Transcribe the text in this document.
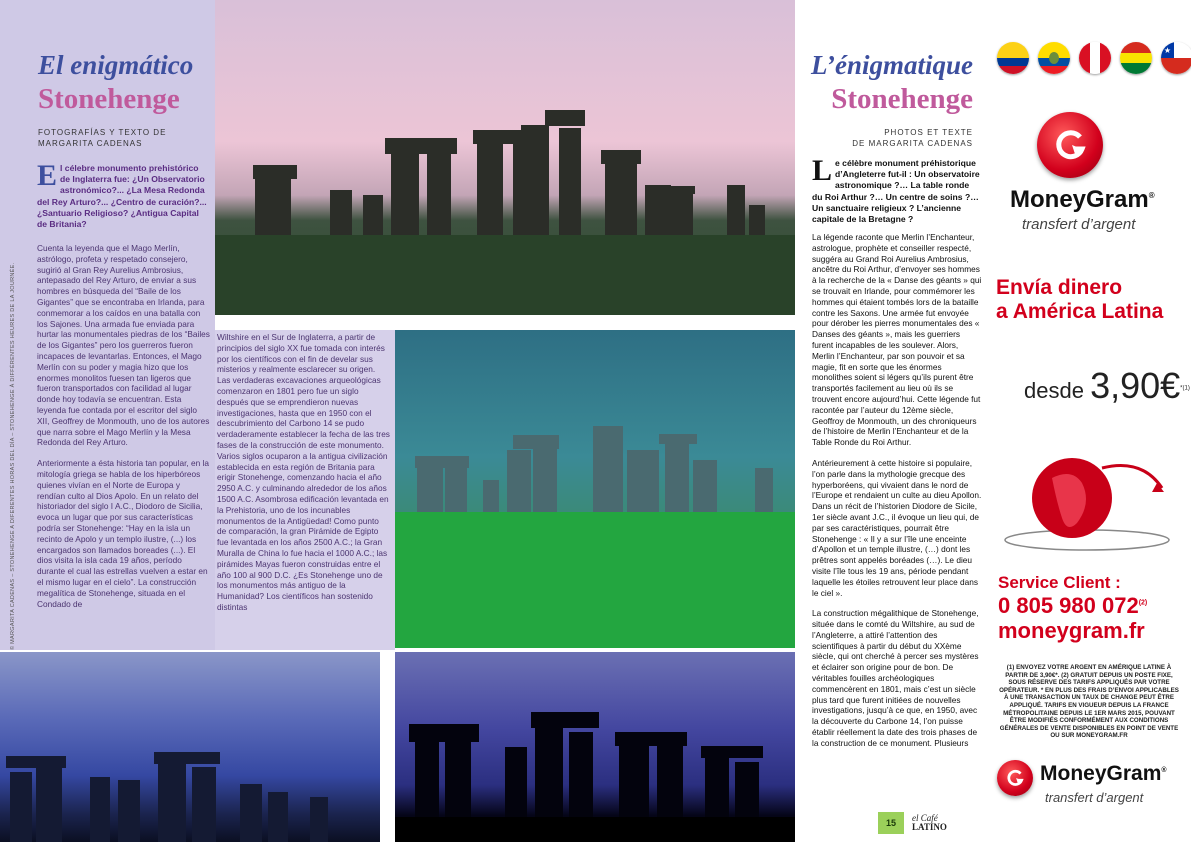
© MARGARITA CADENAS – STONEHENGE A DIFERENTES HORAS DEL DÍA – STONEHENGE À DIFFÉRENTES HEURES DE LA JOURNÉE.
El enigmático
Stonehenge
FOTOGRAFÍAS Y TEXTO DE
MARGARITA CADENAS

El célebre monumento prehistórico de Inglaterra fue: ¿Un Observatorio astronómico?... ¿La Mesa Redonda del Rey Arturo?... ¿Centro de curación?... ¿Santuario Religioso? ¿Antigua Capital de Britania?

Cuenta la leyenda que el Mago Merlín, astrólogo, profeta y respetado consejero, sugirió al Gran Rey Aurelius Ambrosius, antepasado del Rey Arturo, de enviar a sus hombres en búsqueda del “Baile de los Gigantes” que se encontraba en Irlanda, para conmemorar a los caídos en una batalla con los Sajones. Una armada fue enviada para hurtar las monumentales piedras de los “Bailes de los Gigantes” pero los guerreros fueron incapaces de levantarlas. Entonces, el Mago Merlín con su poder y magia hizo que los enormes monolitos fuesen tan ligeros que fueron transportados con facilidad al lugar donde hoy todavía se encuentran. Esta leyenda fue contada por el escritor del siglo XII, Geoffrey de Monmouth, uno de los autores que narra sobre el Mago Merlín y la Mesa Redonda del Rey Arturo.

Anteriormente a ésta historia tan popular, en la mitología griega se habla de los hiperbóreos quienes vivían en el Norte de Europa y rendían culto al Dios Apolo. En un relato del historiador del siglo I A.C., Diodoro de Sicilia, evoca un lugar que por sus características podría ser Stonehenge: “Hay en la isla un recinto de Apolo y un templo ilustre, (...) los encargados son llamados boreades (...). El dios visita la isla cada 19 años, período durante el cual las estrellas vuelven a estar en el mismo lugar en el cielo”. La construcción megalítica de Stonehenge, situada en el Condado de

Wiltshire en el Sur de Inglaterra, a partir de principios del siglo XX fue tomada con interés por los científicos con el fin de develar sus misterios y realmente esclarecer su origen. Las verdaderas excavaciones arqueológicas comenzaron en 1801 pero fue un siglo después que se emprendieron nuevas investigaciones, hasta que en 1950 con el descubrimiento del Carbono 14 se pudo verdaderamente establecer la fecha de las tres fases de la construcción de este monumento. Varios siglos ocuparon a la antigua civilización establecida en esta región de Britania para erigir Stonehenge, comenzando hacia el año 2950 A.C. y culminando alrededor de los años 1500 A.C. Asombrosa edificación levantada en la Prehistoria, uno de los incunables monumentos de la Antigüedad! Como punto de comparación, la gran Pirámide de Egipto fue levantada en los años 2500 A.C.; la Gran Muralla de China lo fue hacia el 1000 A.C.; las pirámides Mayas fueron construidas entre el año 100 al 900 D.C. ¿Es Stonehenge uno de los monumentos más antiguo de la Humanidad? Los científicos han sostenido distintas

L’énigmatique
Stonehenge
PHOTOS ET TEXTE
DE MARGARITA CADENAS

Le célèbre monument préhistorique d’Angleterre fut-il : Un observatoire astronomique ?… La table ronde du Roi Arthur ?… Un centre de soins ?… Un sanctuaire religieux ? L’ancienne capitale de la Bretagne ?

La légende raconte que Merlin l’Enchanteur, astrologue, prophète et conseiller respecté, suggéra au Grand Roi Aurelius Ambrosius, ancêtre du Roi Arthur, d’envoyer ses hommes à la recherche de la « Danse des géants » qui se trouvait en Irlande, pour commémorer les hommes qui étaient tombés lors de la bataille contre les Saxons. Une armée fut envoyée pour dérober les pierres monumentales des « Danses des géants », mais les guerriers furent incapables de les soulever. Alors, Merlin l’Enchanteur, par son pouvoir et sa magie, fit en sorte que les énormes monolithes soient si légers qu’ils purent être transportés facilement au lieu où ils se trouvent encore aujourd’hui. Cette légende fut racontée par l’auteur du 12ème siècle, Geoffroy de Monmouth, un des chroniqueurs de l’histoire de Merlin l’Enchanteur et de la Table Ronde du Roi Arthur.

Antérieurement à cette histoire si populaire, l’on parle dans la mythologie grecque des hyperboréens, qui vivaient dans le nord de l’Europe et rendaient un culte au dieu Apollon. Dans un récit de l’historien Diodore de Sicile, 1er siècle avant J.C., il évoque un lieu qui, de par ses caractéristiques, pourrait être Stonehenge : « Il y a sur l’île une enceinte d’Apollon et un temple illustre, (…) dont les prêtres sont appelés boréades (…). Le dieu visite l’île tous les 19 ans, période pendant laquelle les étoiles retrouvent leur place dans le ciel ».

La construction mégalithique de Stonehenge, située dans le comté du Wiltshire, au sud de l’Angleterre, a attiré l’attention des scientifiques à partir du début du XXème siècle, qui ont cherché à percer ses mystères et éclairer son origine pour de bon. De véritables fouilles archéologiques commencèrent en 1801, mais c’est un siècle plus tard que furent initiées de nouvelles investigations, jusqu’à ce que, en 1950, avec la découverte du Carbone 14, l’on puisse établir réellement la date des trois phases de la construction de ce monument. Plusieurs

15	el Café
LATINO
★
MoneyGram®
transfert d’argent
Envía dinero
a América Latina
desde 3,90€$^{*(1)}$
Service Client :
0 805 980 072$^{(2)}$
moneygram.fr
(1) ENVOYEZ VOTRE ARGENT EN AMÉRIQUE LATINE À PARTIR DE 3,90€*. (2) GRATUIT DEPUIS UN POSTE FIXE, SOUS RÉSERVE DES TARIFS APPLIQUÉS PAR VOTRE OPÉRATEUR. * EN PLUS DES FRAIS D’ENVOI APPLICABLES À UNE TRANSACTION UN TAUX DE CHANGE PEUT ÊTRE APPLIQUÉ. TARIFS EN VIGUEUR DEPUIS LA FRANCE MÉTROPOLITAINE DEPUIS LE 1ER MARS 2015, POUVANT ÊTRE MODIFIÉS CONFORMÉMENT AUX CONDITIONS GÉNÉRALES DE VENTE DISPONIBLES EN POINT DE VENTE OU SUR MONEYGRAM.FR
MoneyGram®
transfert d’argent
